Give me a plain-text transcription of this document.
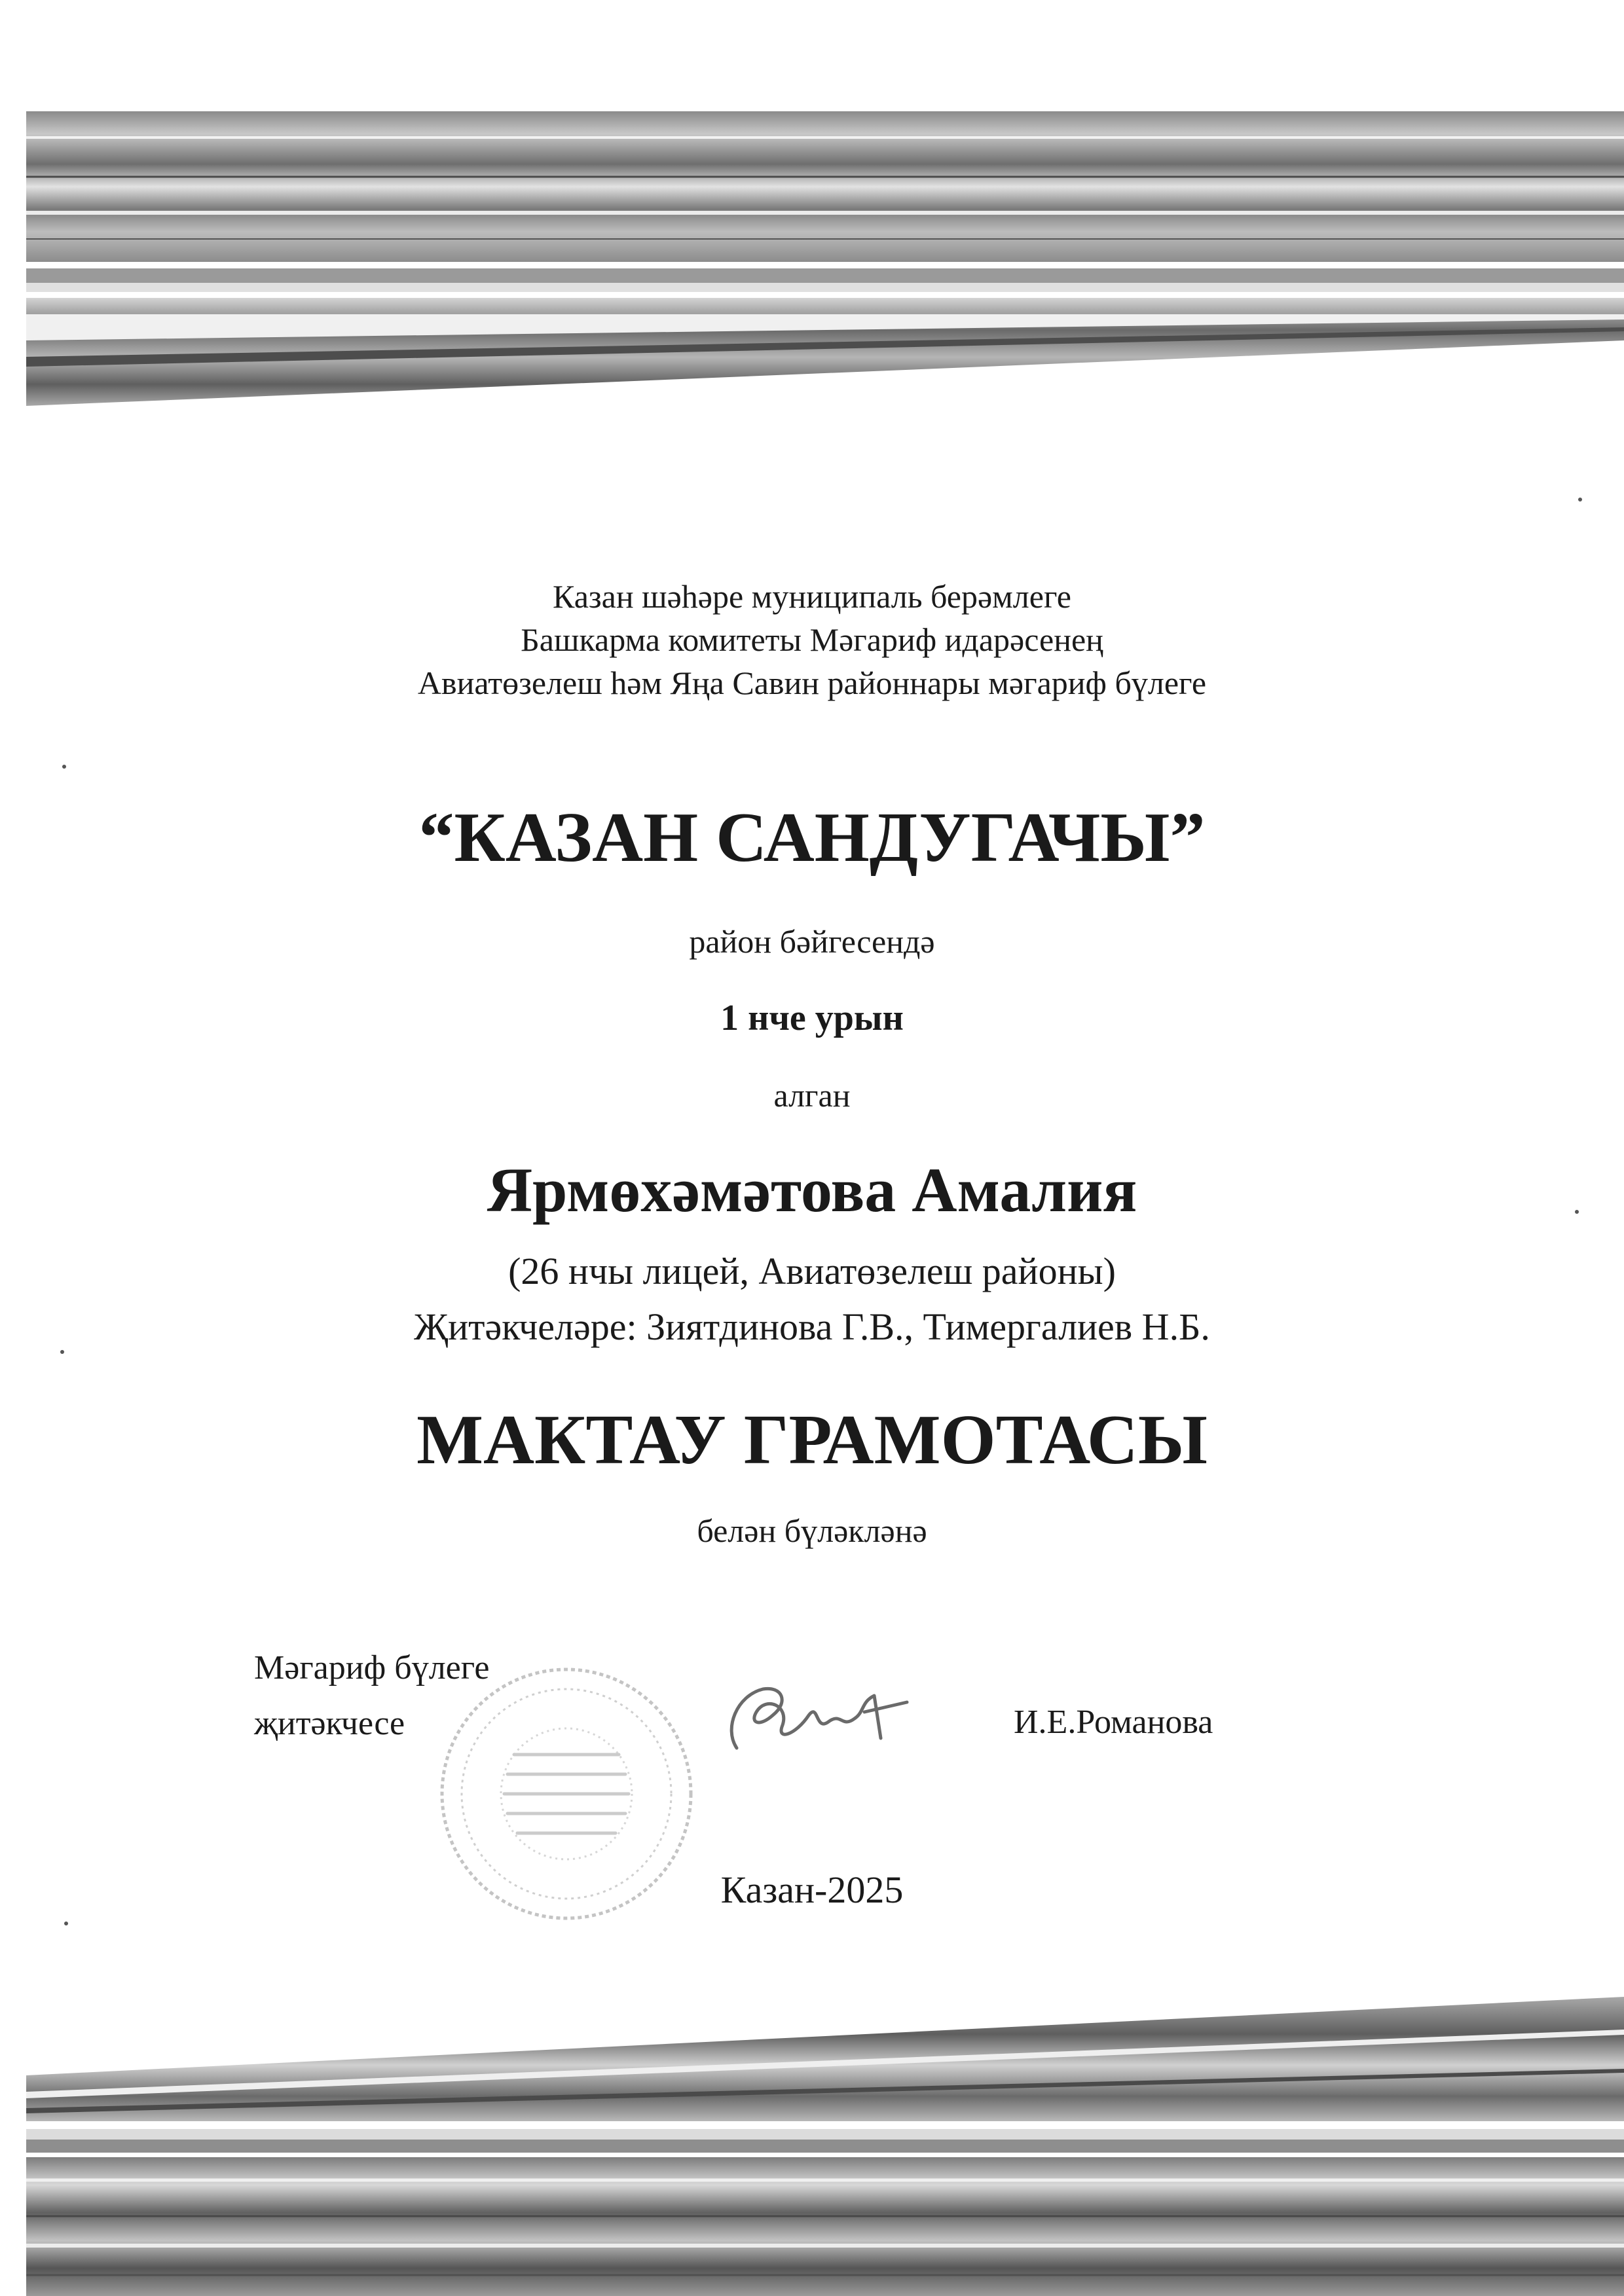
Казан шәһәре муниципаль берәмлеге
Башкарма комитеты Мәгариф идарәсенең
Авиатөзелеш һәм Яңа Савин районнары мәгариф бүлеге
“КАЗАН САНДУГАЧЫ”
район бәйгесендә
1 нче урын
алган
Ярмөхәмәтова Амалия
(26 нчы лицей, Авиатөзелеш районы)
Җитәкчеләре: Зиятдинова Г.В., Тимергалиев Н.Б.
МАКТАУ ГРАМОТАСЫ
белән бүләкләнә
Мәгариф бүлеге
җитәкчесе	И.Е.Романова
Казан-2025
